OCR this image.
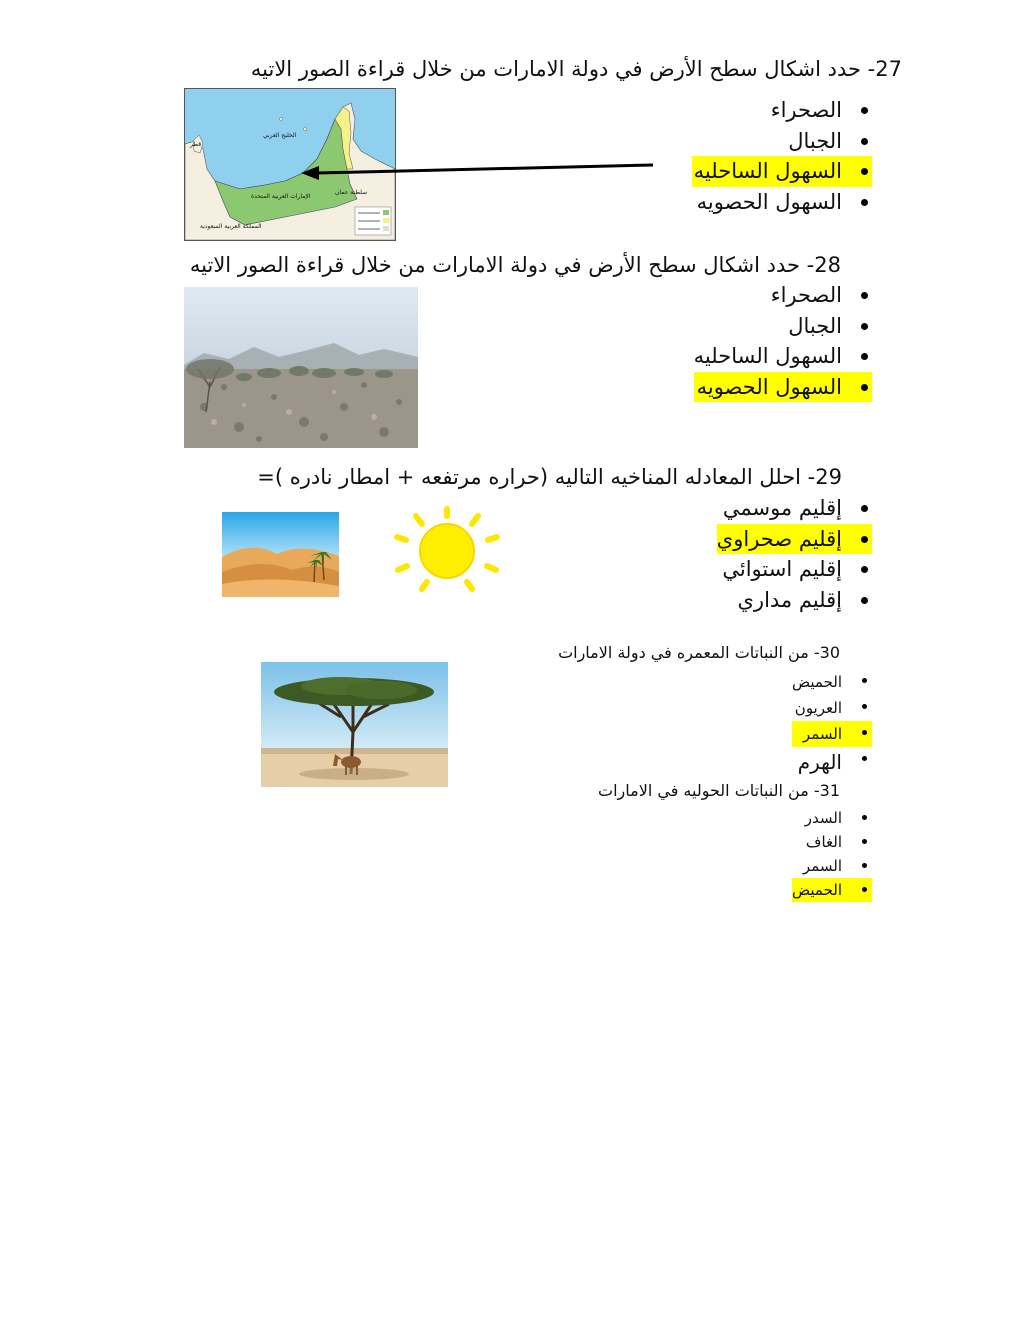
27- حدد اشكال سطح الأرض في دولة الامارات من خلال قراءة الصور الاتيه
الصحراء
الجبال
السهول الساحليه
السهول الحصويه
الخليج العربي
الإمارات العربية المتحدة
قطر
سلطنة عمان
المملكة العربية السعودية
28- حدد اشكال سطح الأرض في دولة الامارات من خلال قراءة الصور الاتيه
الصحراء
الجبال
السهول الساحليه
السهول الحصويه
29- احلل المعادله المناخيه التاليه (حراره مرتفعه + امطار نادره )=
إقليم موسمي
إقليم صحراوي
إقليم استوائي
إقليم مداري
30- من النباتات المعمره في دولة الامارات
الحميض
العريون
السمر
الهرم
31- من النباتات الحوليه في الامارات
السدر
الغاف
السمر
الحميض
